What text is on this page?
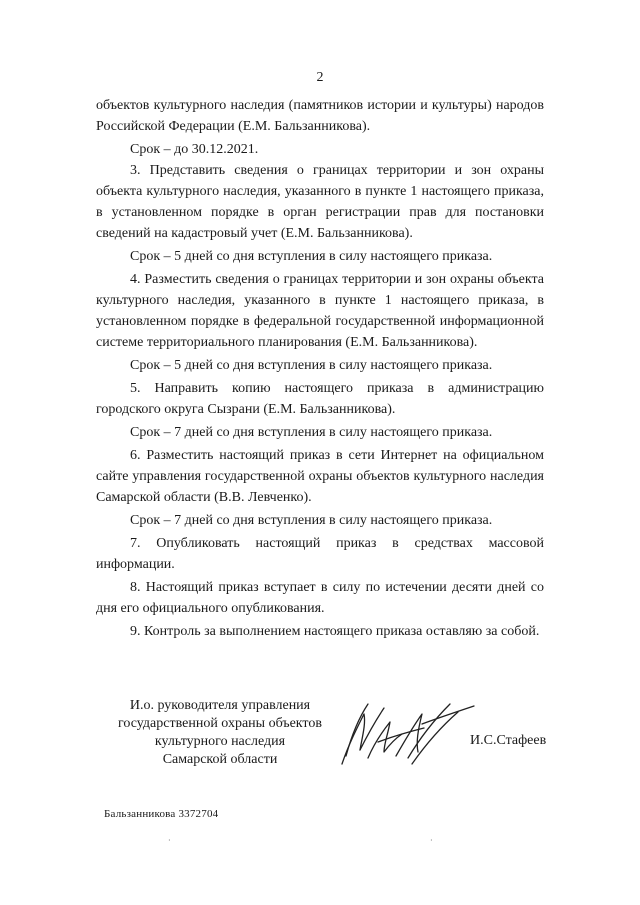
2

объектов культурного наследия (памятников истории и культуры) народов Российской Федерации (Е.М. Бальзанникова).

Срок – до 30.12.2021.

3. Представить сведения о границах территории и зон охраны объекта культурного наследия, указанного в пункте 1 настоящего приказа, в установленном порядке в орган регистрации прав для постановки сведений на кадастровый учет (Е.М. Бальзанникова).

Срок – 5 дней со дня вступления в силу настоящего приказа.

4. Разместить сведения о границах территории и зон охраны объекта культурного наследия, указанного в пункте 1 настоящего приказа, в установленном порядке в федеральной государственной информационной системе территориального планирования (Е.М. Бальзанникова).

Срок – 5 дней со дня вступления в силу настоящего приказа.

5. Направить копию настоящего приказа в администрацию городского округа Сызрани (Е.М. Бальзанникова).

Срок – 7 дней со дня вступления в силу настоящего приказа.

6. Разместить настоящий приказ в сети Интернет на официальном сайте управления государственной охраны объектов культурного наследия Самарской области (В.В. Левченко).

Срок – 7 дней со дня вступления в силу настоящего приказа.

7. Опубликовать настоящий приказ в средствах массовой информации.

8. Настоящий приказ вступает в силу по истечении десяти дней со дня его официального опубликования.

9. Контроль за выполнением настоящего приказа оставляю за собой.

И.о. руководителя управления
государственной охраны объектов
культурного наследия
Самарской области
И.С.Стафеев
Бальзанникова 3372704
·	·
